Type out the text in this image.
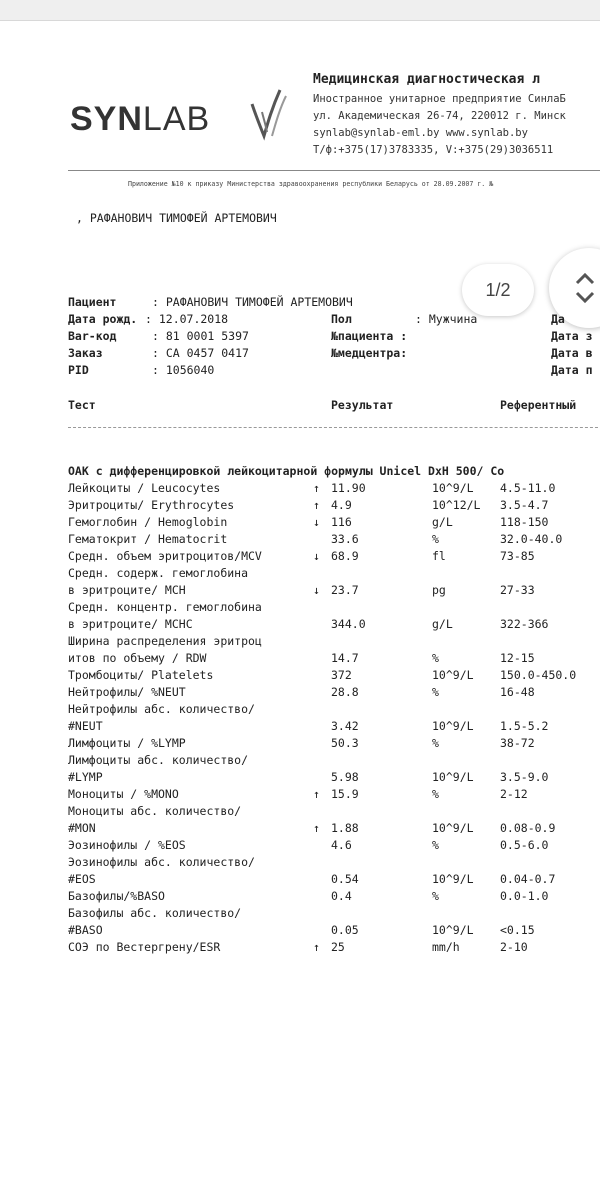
SYNLAB
Медицинская диагностическая л
Иностранное унитарное предприятие СинлаБ
ул. Академическая 26-74, 220012 г. Минск
synlab@synlab-eml.by www.synlab.by
Т/ф:+375(17)3783335, V:+375(29)3036511
Приложение №10 к приказу Министерства здравоохранения республики Беларусь от 28.09.2007 г. №
, РАФАНОВИЧ ТИМОФЕЙ АРТЕМОВИЧ
1/2
Пациент	: РАФАНОВИЧ ТИМОФЕЙ АРТЕМОВИЧ
Дата рожд. : 12.07.2018
Bar-код	: 81 0001 5397
Заказ	: CA 0457 0417
PID	: 1056040
Пол	: Мужчина
№пациента :
№медцентра:
Да
Дата з
Дата в
Дата п
Тест	Результат	Референтный
ОАК с дифференцировкой лейкоцитарной формулы Unicel DxH 500/ Co
Лейкоциты / Leucocytes	↑ 11.90	10^9/L 4.5-11.0
Эритроциты/ Erythrocytes	↑ 4.9	10^12/L 3.5-4.7
Гемоглобин / Hemoglobin	↓ 116	g/L	118-150
Гематокрит / Hematocrit	33.6	%	32.0-40.0
Средн. объем эритроцитов/MCV	↓ 68.9	fl	73-85
Средн. содерж. гемоглобина
в эритроците/ MCH	↓ 23.7	pg	27-33
Средн. концентр. гемоглобина
в эритроците/ MCHC	344.0	g/L	322-366
Ширина распределения эритроц
итов по объему / RDW	14.7	%	12-15
Тромбоциты/ Platelets	372	10^9/L 150.0-450.0
Нейтрофилы/ %NEUT	28.8	%	16-48
Нейтрофилы абс. количество/
#NEUT	3.42	10^9/L 1.5-5.2
Лимфоциты / %LYMP	50.3	%	38-72
Лимфоциты абс. количество/
#LYMP	5.98	10^9/L 3.5-9.0
Моноциты / %MONO	↑ 15.9	%	2-12
Моноциты абс. количество/
#MON	↑ 1.88	10^9/L 0.08-0.9
Эозинофилы / %EOS	4.6	%	0.5-6.0
Эозинофилы абс. количество/
#EOS	0.54	10^9/L 0.04-0.7
Базофилы/%BASO	0.4	%	0.0-1.0
Базофилы абс. количество/
#BASO	0.05	10^9/L <0.15
СОЭ по Вестергрену/ESR	↑ 25	mm/h	2-10
